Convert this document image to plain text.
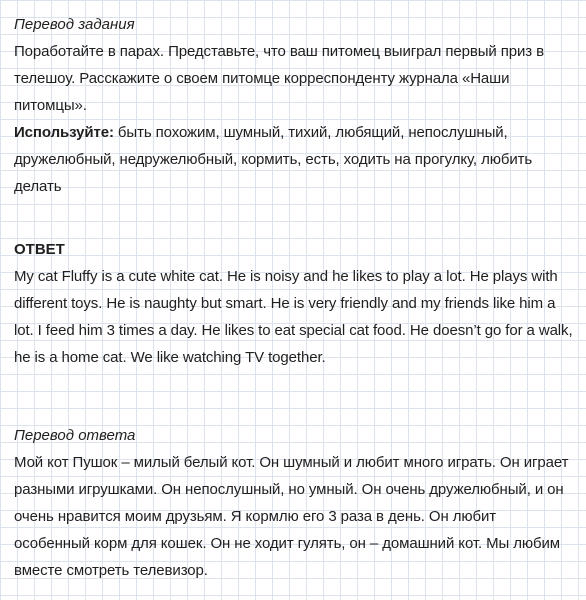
Перевод задания

Поработайте в парах. Представьте, что ваш питомец выиграл первый приз в телешоу. Расскажите о своем питомце корреспонденту журнала «Наши питомцы».

Используйте: быть похожим, шумный, тихий, любящий, непослушный, дружелюбный, недружелюбный, кормить, есть, ходить на прогулку, любить делать

ОТВЕТ

My cat Fluffy is a cute white cat. He is noisy and he likes to play a lot. He plays with different toys. He is naughty but smart. He is very friendly and my friends like him a lot. I feed him 3 times a day. He likes to eat special cat food. He doesn’t go for a walk, he is a home cat. We like watching TV together.

Перевод ответа

Мой кот Пушок – милый белый кот. Он шумный и любит много играть. Он играет разными игрушками. Он непослушный, но умный. Он очень дружелюбный, и он очень нравится моим друзьям. Я кормлю его 3 раза в день. Он любит особенный корм для кошек. Он не ходит гулять, он – домашний кот. Мы любим вместе смотреть телевизор.
